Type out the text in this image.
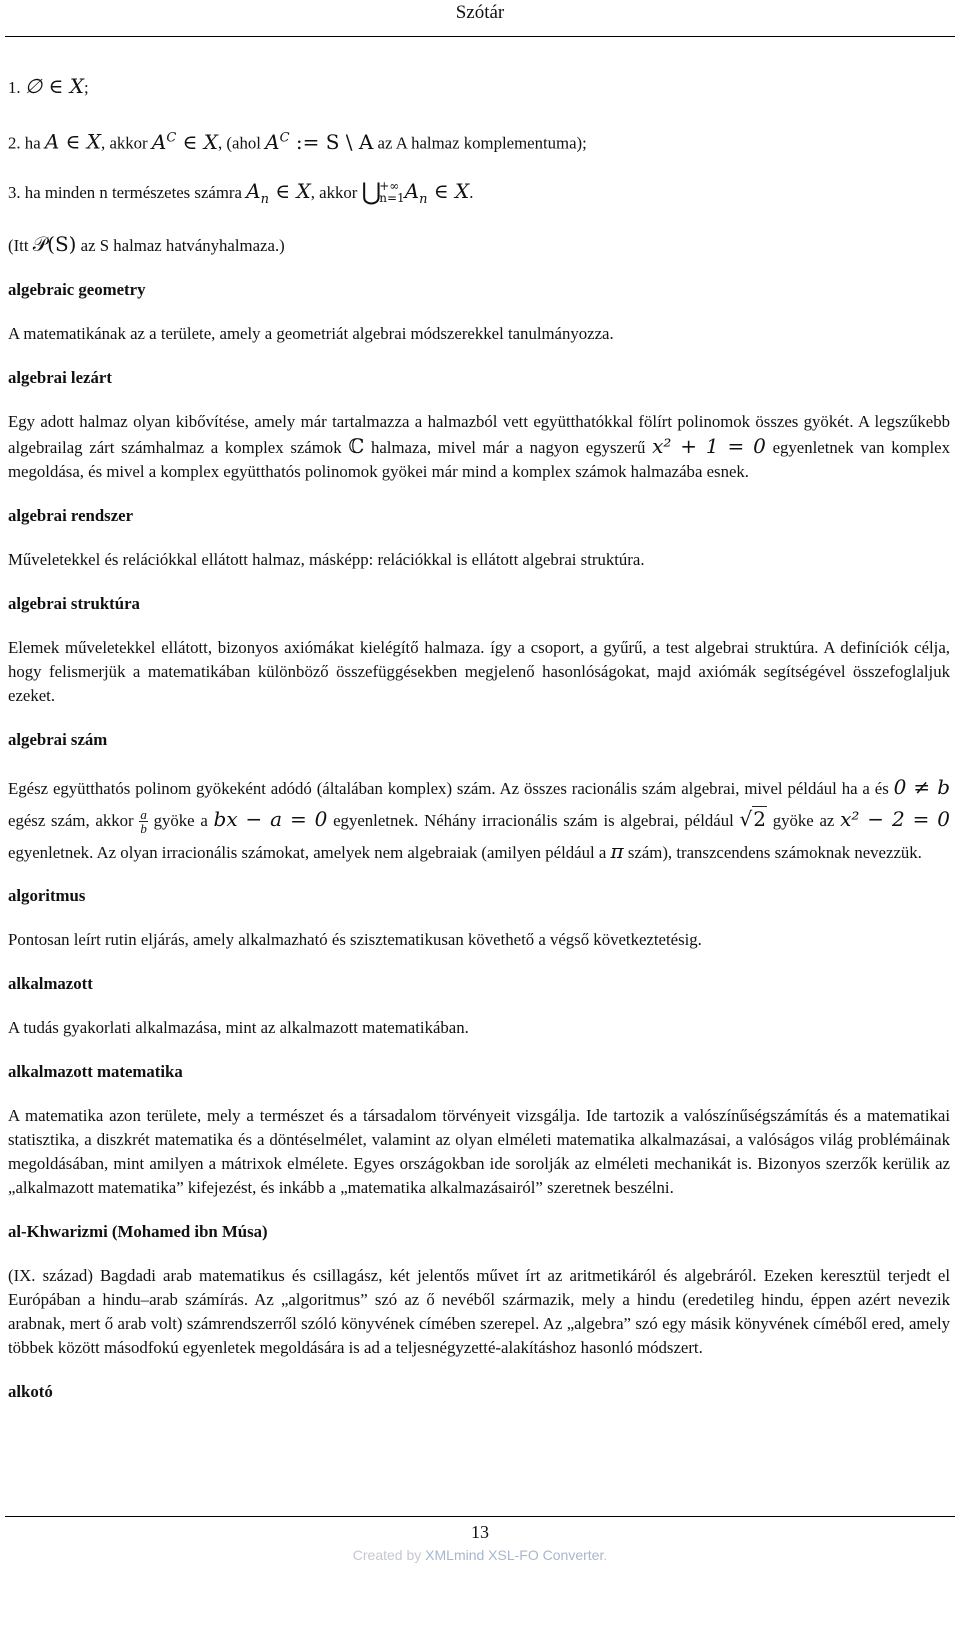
Szótár

1. ∅ ∈ X;

2. ha A ∈ X, akkor $A^C$ ∈ X, (ahol $A^C$ := S \ A az A halmaz komplementuma);

3. ha minden n természetes számra $A_n$ ∈ X, akkor ⋃
+∞
n=1 $A_n$ ∈ X.

(Itt 𝒫(S) az S halmaz hatványhalmaza.)

algebraic geometry

A matematikának az a területe, amely a geometriát algebrai módszerekkel tanulmányozza.

algebrai lezárt

Egy adott halmaz olyan kibővítése, amely már tartalmazza a halmazból vett együtthatókkal fölírt polinomok összes gyökét. A legszűkebb algebrailag zárt számhalmaz a komplex számok ℂ halmaza, mivel már a nagyon egyszerű x² + 1 = 0 egyenletnek van komplex megoldása, és mivel a komplex együtthatós polinomok gyökei már mind a komplex számok halmazába esnek.

algebrai rendszer

Műveletekkel és relációkkal ellátott halmaz, másképp: relációkkal is ellátott algebrai struktúra.

algebrai struktúra

Elemek műveletekkel ellátott, bizonyos axiómákat kielégítő halmaza. így a csoport, a gyűrű, a test algebrai struktúra. A definíciók célja, hogy felismerjük a matematikában különböző összefüggésekben megjelenő hasonlóságokat, majd axiómák segítségével összefoglaljuk ezeket.

algebrai szám

Egész együtthatós polinom gyökeként adódó (általában komplex) szám. Az összes racionális szám algebrai, mivel például ha a és 0 ≠ b egész szám, akkor $\frac{a}{b}$ gyöke a bx − a = 0 egyenletnek. Néhány irracionális szám is algebrai, például √2 gyöke az x² − 2 = 0 egyenletnek. Az olyan irracionális számokat, amelyek nem algebraiak (amilyen például a π szám), transzcendens számoknak nevezzük.

algoritmus

Pontosan leírt rutin eljárás, amely alkalmazható és szisztematikusan követhető a végső következtetésig.

alkalmazott

A tudás gyakorlati alkalmazása, mint az alkalmazott matematikában.

alkalmazott matematika

A matematika azon területe, mely a természet és a társadalom törvényeit vizsgálja. Ide tartozik a valószínűségszámítás és a matematikai statisztika, a diszkrét matematika és a döntéselmélet, valamint az olyan elméleti matematika alkalmazásai, a valóságos világ problémáinak megoldásában, mint amilyen a mátrixok elmélete. Egyes országokban ide sorolják az elméleti mechanikát is. Bizonyos szerzők kerülik az „alkalmazott matematika” kifejezést, és inkább a „matematika alkalmazásairól” szeretnek beszélni.

al-Khwarizmi (Mohamed ibn Músa)

(IX. század) Bagdadi arab matematikus és csillagász, két jelentős művet írt az aritmetikáról és algebráról. Ezeken keresztül terjedt el Európában a hindu–arab számírás. Az „algoritmus” szó az ő nevéből származik, mely a hindu (eredetileg hindu, éppen azért nevezik arabnak, mert ő arab volt) számrendszerről szóló könyvének címében szerepel. Az „algebra” szó egy másik könyvének címéből ered, amely többek között másodfokú egyenletek megoldására is ad a teljesnégyzetté-alakításhoz hasonló módszert.

alkotó

13
Created by XMLmind XSL-FO Converter.
